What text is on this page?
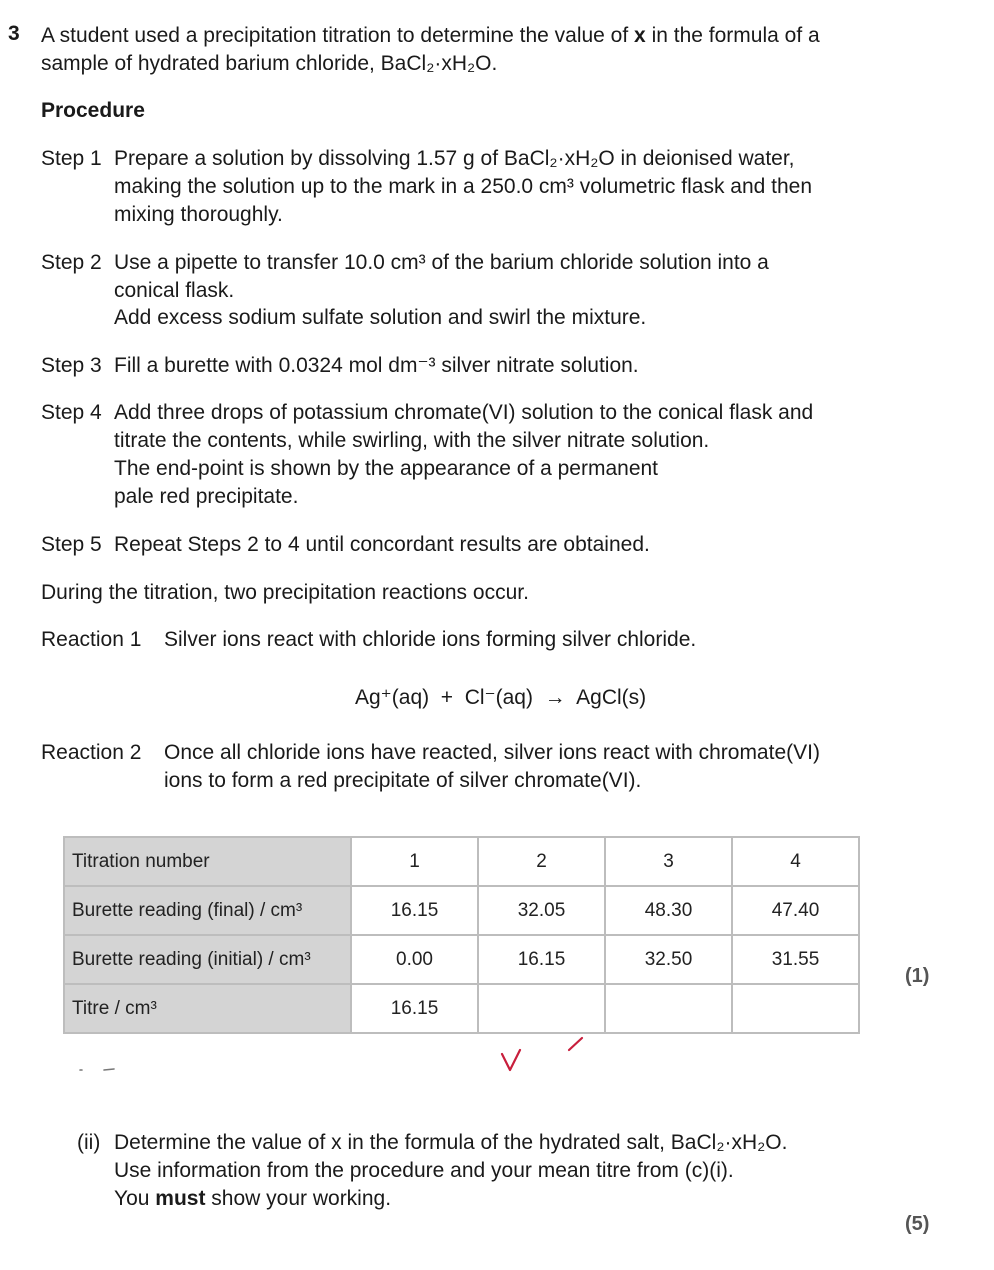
3 A student used a precipitation titration to determine the value of x in the formula of a
sample of hydrated barium chloride, BaCl₂·xH₂O.
Procedure
Step 1 Prepare a solution by dissolving 1.57 g of BaCl₂·xH₂O in deionised water,
making the solution up to the mark in a 250.0 cm³ volumetric flask and then
mixing thoroughly.
Step 2 Use a pipette to transfer 10.0 cm³ of the barium chloride solution into a
conical flask.
Add excess sodium sulfate solution and swirl the mixture.
Step 3 Fill a burette with 0.0324 mol dm⁻³ silver nitrate solution.
Step 4 Add three drops of potassium chromate(VI) solution to the conical flask and
titrate the contents, while swirling, with the silver nitrate solution.
The end-point is shown by the appearance of a permanent
pale red precipitate.
Step 5 Repeat Steps 2 to 4 until concordant results are obtained.
During the titration, two precipitation reactions occur.
Reaction 1 Silver ions react with chloride ions forming silver chloride.
Ag⁺(aq)  +  Cl⁻(aq)  →  AgCl(s)
Reaction 2 Once all chloride ions have reacted, silver ions react with chromate(VI)
ions to form a red precipitate of silver chromate(VI).
Titration number	1	2	3	4
Burette reading (final) / cm³	16.15	32.05	48.30	47.40
Burette reading (initial) / cm³	0.00	16.15	32.50	31.55
Titre / cm³	16.15			
(1)
(ii) Determine the value of x in the formula of the hydrated salt, BaCl₂·xH₂O.
Use information from the procedure and your mean titre from (c)(i).
You must show your working.
(5)
